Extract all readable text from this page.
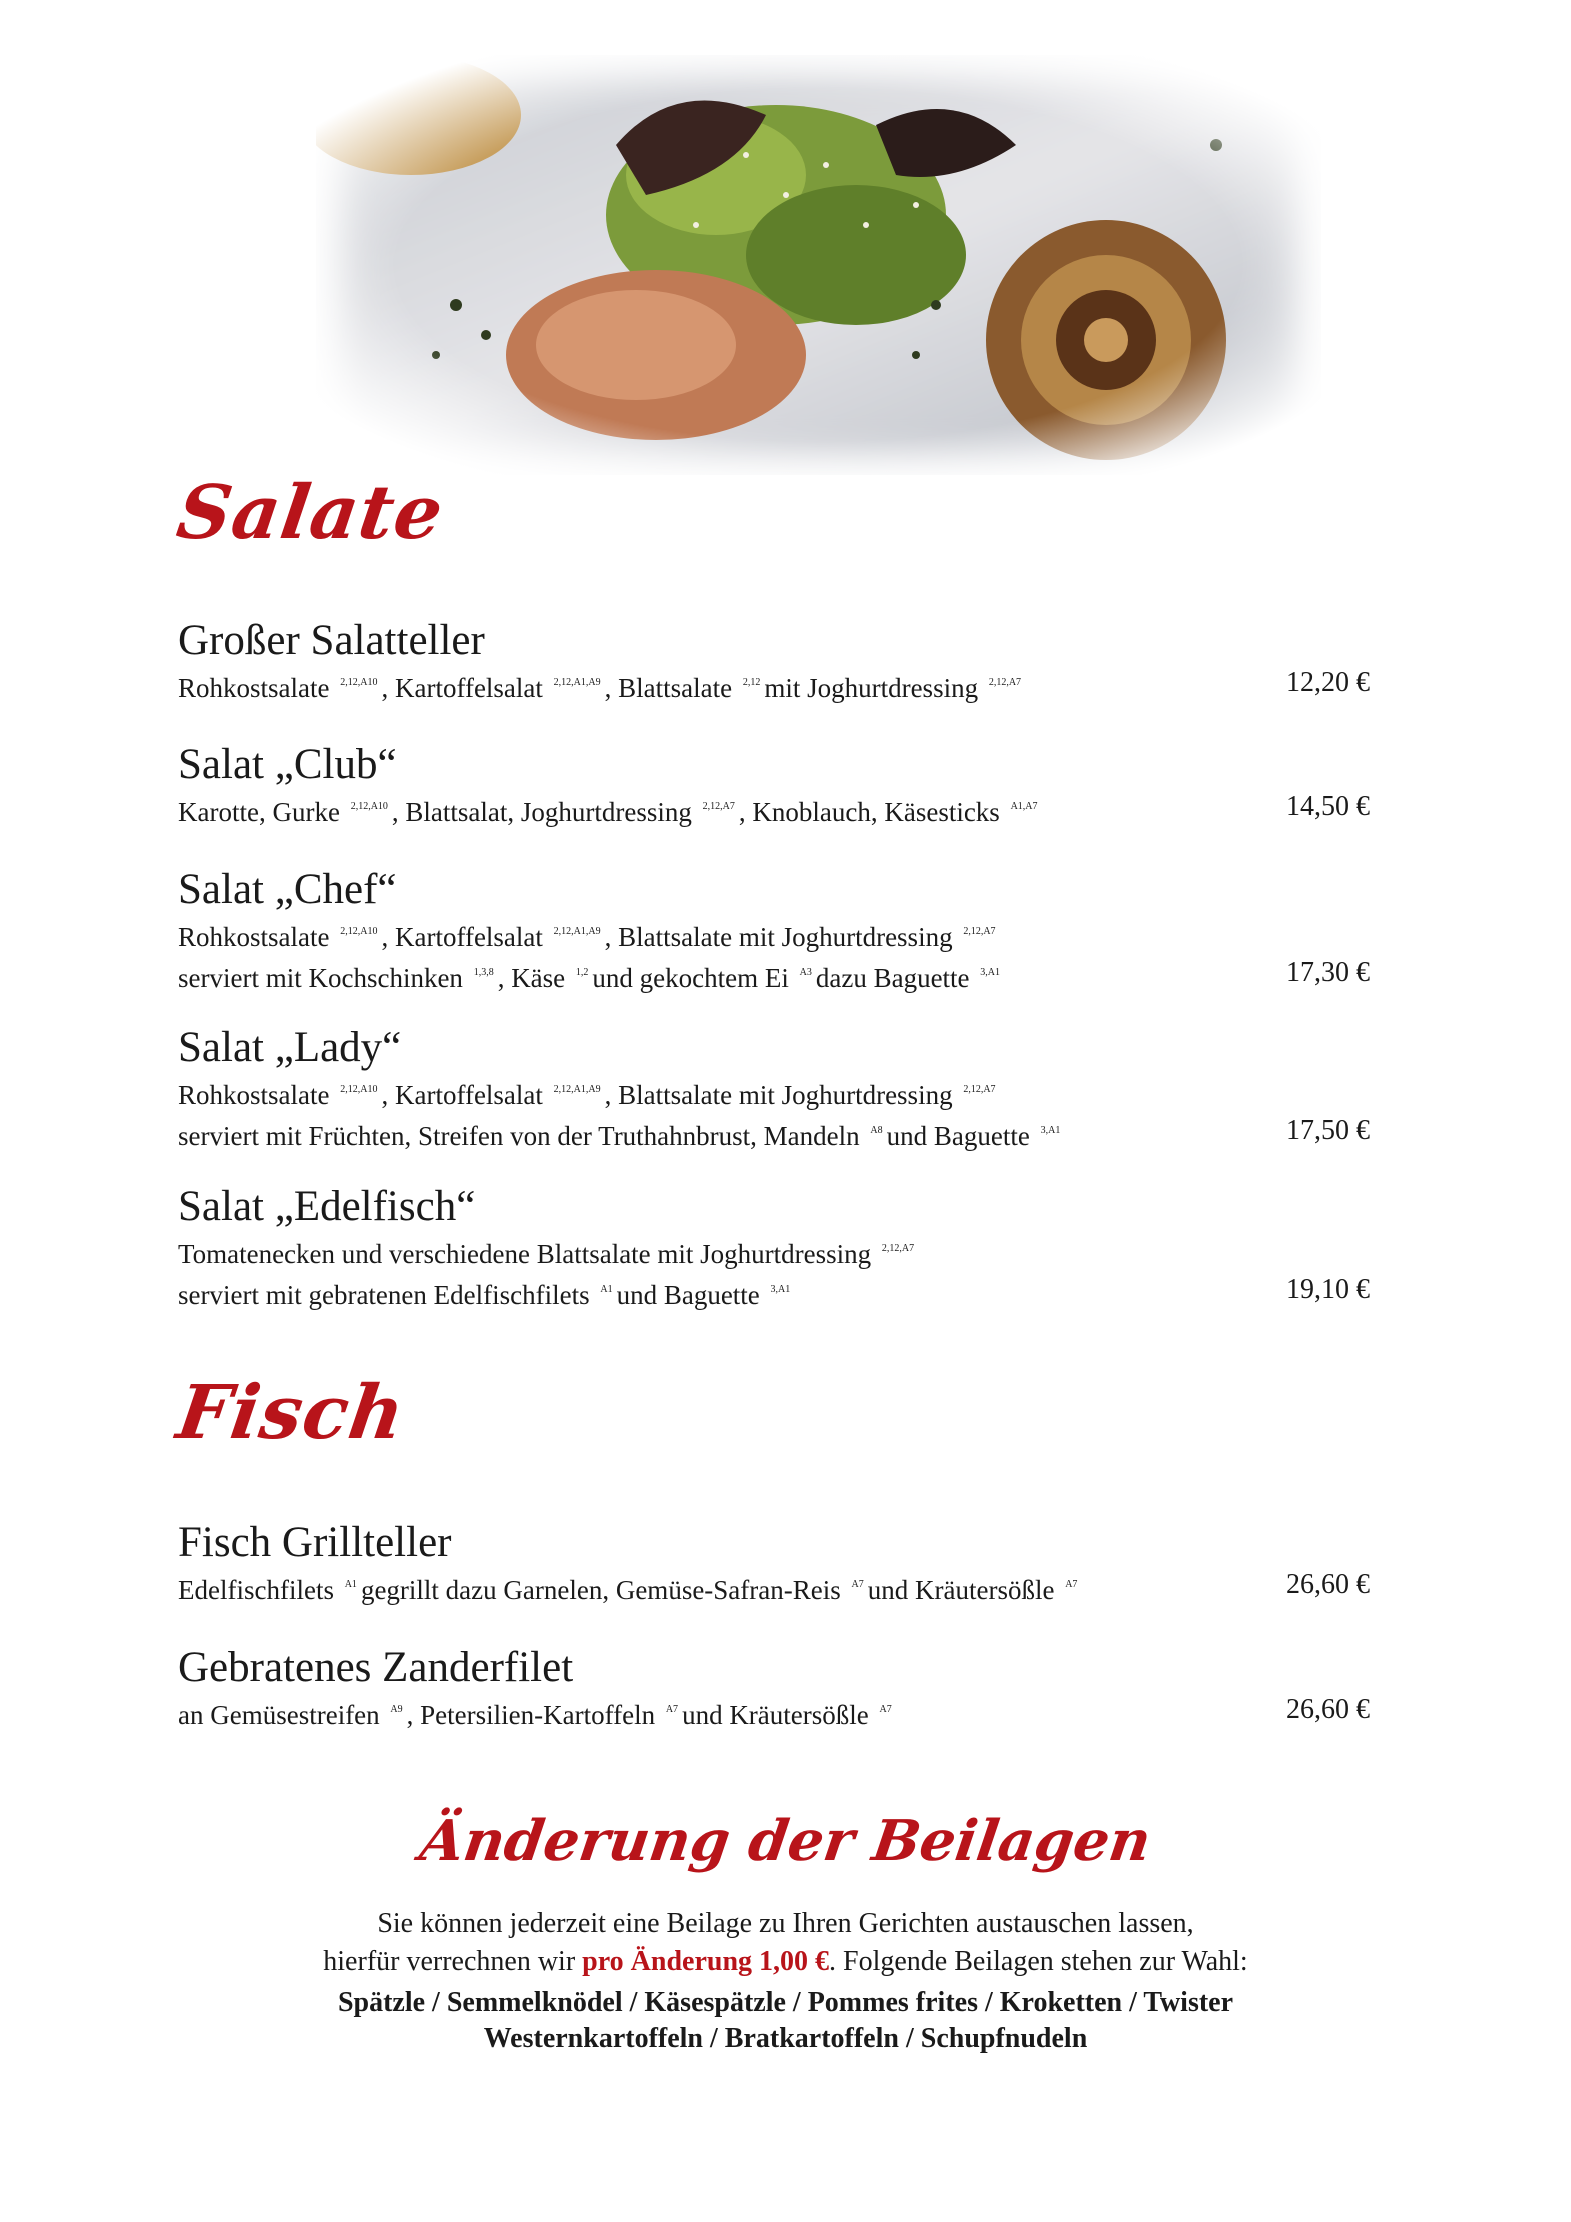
Salate
Fisch
Großer Salatteller
Rohkostsalate $^{2,12,A10}$ , Kartoffelsalat $^{2,12,A1,A9}$ , Blattsalate $^{2,12}$ mit Joghurtdressing $^{2,12,A7}$	12,20 €
Salat „Club“
Karotte, Gurke $^{2,12,A10}$ , Blattsalat, Joghurtdressing $^{2,12,A7}$ , Knoblauch, Käsesticks $^{A1,A7}$	14,50 €
Salat „Chef“
Rohkostsalate $^{2,12,A10}$ , Kartoffelsalat $^{2,12,A1,A9}$ , Blattsalate mit Joghurtdressing $^{2,12,A7}$
serviert mit Kochschinken $^{1,3,8}$ , Käse $^{1,2}$ und gekochtem Ei $^{A3}$ dazu Baguette $^{3,A1}$	17,30 €
Salat „Lady“
Rohkostsalate $^{2,12,A10}$ , Kartoffelsalat $^{2,12,A1,A9}$ , Blattsalate mit Joghurtdressing $^{2,12,A7}$
serviert mit Früchten, Streifen von der Truthahnbrust, Mandeln $^{A8}$ und Baguette $^{3,A1}$	17,50 €
Salat „Edelfisch“
Tomatenecken und verschiedene Blattsalate mit Joghurtdressing $^{2,12,A7}$
serviert mit gebratenen Edelfischfilets $^{A1}$ und Baguette $^{3,A1}$	19,10 €
Fisch Grillteller
Edelfischfilets $^{A1}$ gegrillt dazu Garnelen, Gemüse-Safran-Reis $^{A7}$ und Kräutersößle $^{A7}$	26,60 €
Gebratenes Zanderfilet
an Gemüsestreifen $^{A9}$ , Petersilien-Kartoffeln $^{A7}$ und Kräutersößle $^{A7}$	26,60 €
Änderung der Beilagen
Sie können jederzeit eine Beilage zu Ihren Gerichten austauschen lassen,
hierfür verrechnen wir pro Änderung 1,00 €. Folgende Beilagen stehen zur Wahl:
Spätzle / Semmelknödel / Käsespätzle / Pommes frites / Kroketten / Twister
Westernkartoffeln / Bratkartoffeln / Schupfnudeln
